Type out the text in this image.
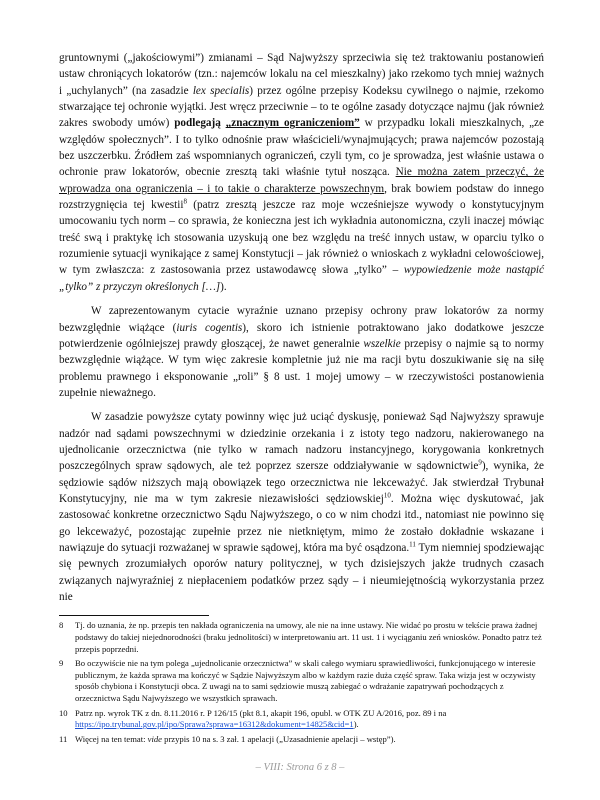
gruntownymi („jakościowymi”) zmianami – Sąd Najwyższy sprzeciwia się też traktowaniu postanowień ustaw chroniących lokatorów (tzn.: najemców lokalu na cel mieszkalny) jako rzekomo tych mniej ważnych i „uchylanych” (na zasadzie lex specialis) przez ogólne przepisy Kodeksu cywilnego o najmie, rzekomo stwarzające tej ochronie wyjątki. Jest wręcz przeciwnie – to te ogólne zasady dotyczące najmu (jak również zakres swobody umów) podlegają „znacznym ograniczeniom” w przypadku lokali mieszkalnych, „ze względów społecznych”. I to tylko odnośnie praw właścicieli/wynajmujących; prawa najemców pozostają bez uszczerbku. Źródłem zaś wspomnianych ograniczeń, czyli tym, co je sprowadza, jest właśnie ustawa o ochronie praw lokatorów, obecnie zresztą taki właśnie tytuł nosząca. Nie można zatem przeczyć, że wprowadza ona ograniczenia – i to takie o charakterze powszechnym, brak bowiem podstaw do innego rozstrzygnięcia tej kwestii$^8$ (patrz zresztą jeszcze raz moje wcześniejsze wywody o konstytucyjnym umocowaniu tych norm – co sprawia, że konieczna jest ich wykładnia autonomiczna, czyli inaczej mówiąc treść swą i praktykę ich stosowania uzyskują one bez względu na treść innych ustaw, w oparciu tylko o rozumienie sytuacji wynikające z samej Konstytucji – jak również o wnioskach z wykładni celowościowej, w tym zwłaszcza: z zastosowania przez ustawodawcę słowa „tylko” – wypowiedzenie może nastąpić „tylko” z przyczyn określonych […]).

W zaprezentowanym cytacie wyraźnie uznano przepisy ochrony praw lokatorów za normy bezwzględnie wiążące (iuris cogentis), skoro ich istnienie potraktowano jako dodatkowe jeszcze potwierdzenie ogólniejszej prawdy głoszącej, że nawet generalnie wszelkie przepisy o najmie są to normy bezwzględnie wiążące. W tym więc zakresie kompletnie już nie ma racji bytu doszukiwanie się na siłę problemu prawnego i eksponowanie „roli” § 8 ust. 1 mojej umowy – w rzeczywistości postanowienia zupełnie nieważnego.

W zasadzie powyższe cytaty powinny więc już uciąć dyskusję, ponieważ Sąd Najwyższy sprawuje nadzór nad sądami powszechnymi w dziedzinie orzekania i z istoty tego nadzoru, nakierowanego na ujednolicanie orzecznictwa (nie tylko w ramach nadzoru instancyjnego, korygowania konkretnych poszczególnych spraw sądowych, ale też poprzez szersze oddziaływanie w sądownictwie$^9$), wynika, że sędziowie sądów niższych mają obowiązek tego orzecznictwa nie lekceważyć. Jak stwierdzał Trybunał Konstytucyjny, nie ma w tym zakresie niezawisłości sędziowskiej$^{10}$. Można więc dyskutować, jak zastosować konkretne orzecznictwo Sądu Najwyższego, o co w nim chodzi itd., natomiast nie powinno się go lekceważyć, pozostając zupełnie przez nie nietkniętym, mimo że zostało dokładnie wskazane i nawiązuje do sytuacji rozważanej w sprawie sądowej, która ma być osądzona.$^{11}$ Tym niemniej spodziewając się pewnych zrozumiałych oporów natury politycznej, w tych dzisiejszych jakże trudnych czasach związanych najwyraźniej z niepłaceniem podatków przez sądy – i nieumiejętnością wykorzystania przez nie

8	Tj. do uznania, że np. przepis ten nakłada ograniczenia na umowy, ale nie na inne ustawy. Nie widać po prostu w tekście prawa żadnej podstawy do takiej niejednorodności (braku jednolitości) w interpretowaniu art. 11 ust. 1 i wyciąganiu zeń wniosków. Ponadto patrz też przepis poprzedni.
9	Bo oczywiście nie na tym polega „ujednolicanie orzecznictwa” w skali całego wymiaru sprawiedliwości, funkcjonującego w interesie publicznym, że każda sprawa ma kończyć w Sądzie Najwyższym albo w każdym razie duża część spraw. Taka wizja jest w oczywisty sposób chybiona i Konstytucji obca. Z uwagi na to sami sędziowie muszą zabiegać o wdrażanie zapatrywań pochodzących z orzecznictwa Sądu Najwyższego we wszystkich sprawach.
10 Patrz np. wyrok TK z dn. 8.11.2016 r. P 126/15 (pkt 8.1, akapit 196, opubl. w OTK ZU A/2016, poz. 89 i na https://ipo.trybunal.gov.pl/ipo/Sprawa?sprawa=16312&dokument=14825&cid=1).
11 Więcej na ten temat: vide przypis 10 na s. 3 zał. 1 apelacji („Uzasadnienie apelacji – wstęp”).
– VIII: Strona 6 z 8 –
